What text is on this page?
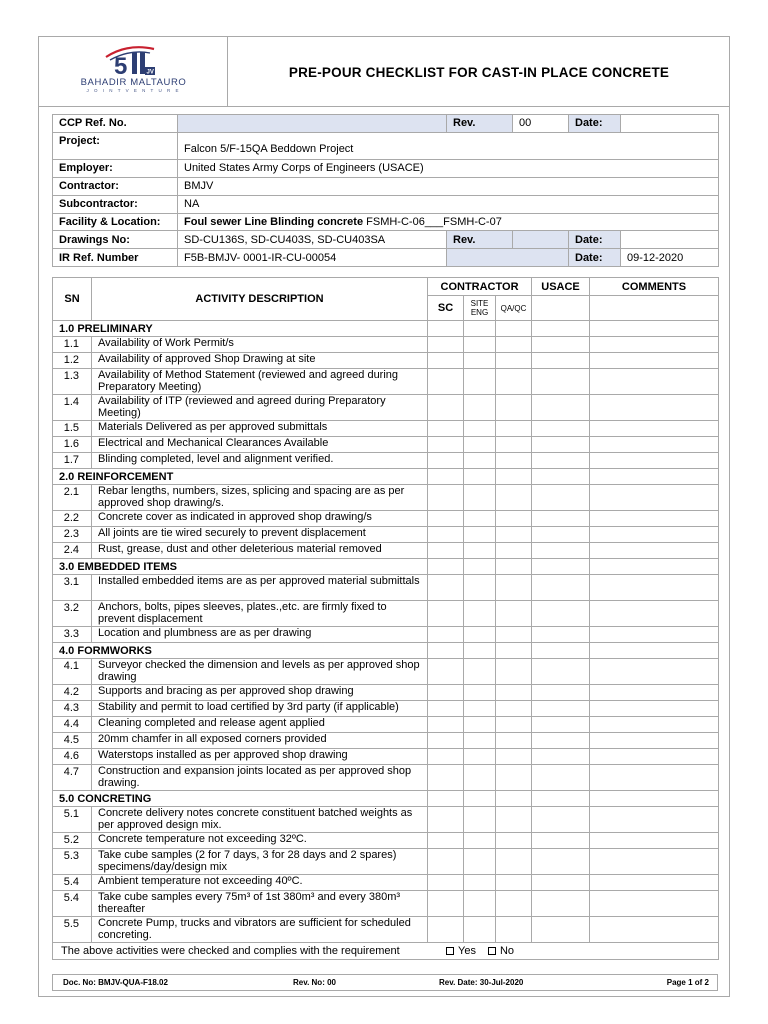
5	JV
BAHADIR MALTAURO
J O I N T V E N T U R E
PRE-POUR CHECKLIST FOR CAST-IN PLACE CONCRETE
CCP Ref. No.		Rev.	00	Date:	
Project:	Falcon 5/F-15QA Beddown Project				
Employer:	United States Army Corps of Engineers (USACE)				
Contractor:	BMJV				
Subcontractor:	NA				
Facility & Location:	Foul sewer Line Blinding concrete FSMH-C-06___FSMH-C-07				
Drawings No:	SD-CU136S, SD-CU403S, SD-CU403SA	Rev.		Date:	
IR Ref. Number	F5B-BMJV- 0001-IR-CU-00054			Date:	09-12-2020
SN	ACTIVITY DESCRIPTION	CONTRACTOR			USACE	COMMENTS
		SC	SITE ENG	QA/QC		
1.0 PRELIMINARY						
1.1	Availability of Work Permit/s					
1.2	Availability of approved Shop Drawing at site					
1.3	Availability of Method Statement (reviewed and agreed during Preparatory Meeting)					
1.4	Availability of ITP (reviewed and agreed during Preparatory Meeting)					
1.5	Materials Delivered as per approved submittals					
1.6	Electrical and Mechanical Clearances Available					
1.7	Blinding completed, level and alignment verified.					
2.0 REINFORCEMENT						
2.1	Rebar lengths, numbers, sizes, splicing and spacing are as per approved shop drawing/s.					
2.2	Concrete cover as indicated in approved shop drawing/s					
2.3	All joints are tie wired securely to prevent displacement					
2.4	Rust, grease, dust and other deleterious material removed					
3.0 EMBEDDED ITEMS						
3.1	Installed embedded items are as per approved material submittals					
3.2	Anchors, bolts, pipes sleeves, plates.,etc. are firmly fixed to prevent displacement					
3.3	Location and plumbness are as per drawing					
4.0 FORMWORKS						
4.1	Surveyor checked the dimension and levels as per approved shop drawing					
4.2	Supports and bracing as per approved shop drawing					
4.3	Stability and permit to load certified by 3rd party (if applicable)					
4.4	Cleaning completed and release agent applied					
4.5	20mm chamfer in all exposed corners provided					
4.6	Waterstops installed as per approved shop drawing					
4.7	Construction and expansion joints located as per approved shop drawing.					
5.0 CONCRETING						
5.1	Concrete delivery notes concrete constituent batched weights as per approved design mix.					
5.2	Concrete temperature not exceeding 32ºC.					
5.3	Take cube samples (2 for 7 days, 3 for 28 days and 2 spares) specimens/day/design mix					
5.4	Ambient temperature not exceeding 40ºC.					
5.4	Take cube samples every 75m³ of 1st 380m³ and every 380m³ thereafter					
5.5	Concrete Pump, trucks and vibrators are sufficient for scheduled concreting.					
The above activities were checked and complies with the requirement Yes No						
Doc. No: BMJV-QUA-F18.02	Rev. No: 00	Rev. Date: 30-Jul-2020	Page 1 of 2
